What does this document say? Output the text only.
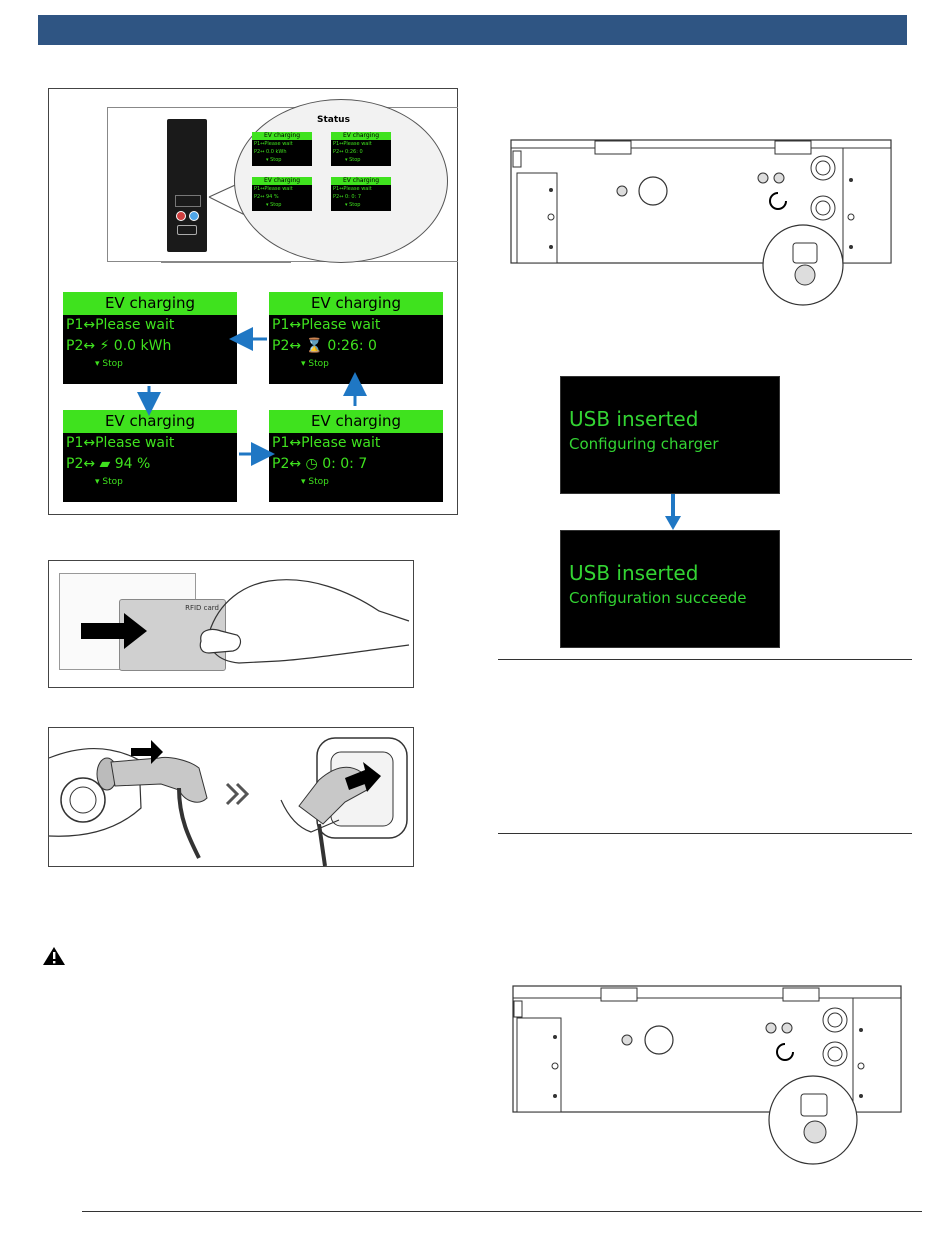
Status
EV charging
P1↔Please wait
P2↔ 0.0 kWh
▾ Stop
EV charging
P1↔Please wait
P2↔ 0:26: 0
▾ Stop
EV charging
P1↔Please wait
P2↔ 94 %
▾ Stop
EV charging
P1↔Please wait
P2↔ 0: 0: 7
▾ Stop
EV charging
P1↔Please wait
P2↔ ⚡ 0.0 kWh
▾ Stop
EV charging
P1↔Please wait
P2↔ ⌛ 0:26: 0
▾ Stop
EV charging
P1↔Please wait
P2↔ ▰ 94 %
▾ Stop
EV charging
P1↔Please wait
P2↔ ◷ 0: 0: 7
▾ Stop
RFID card
USB inserted
Configuring charger
USB inserted
Configuration succeede
